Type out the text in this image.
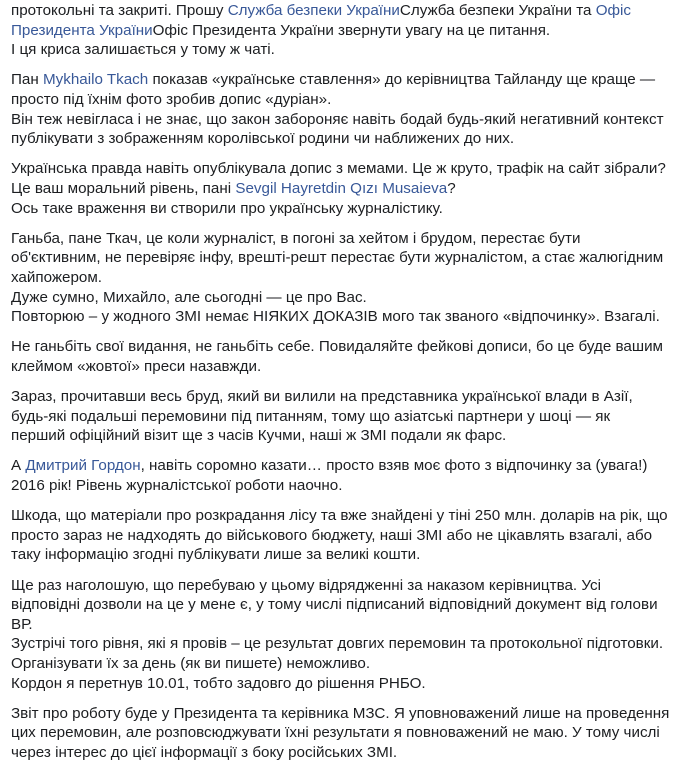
протокольні та закриті. Прошу Служба безпеки УкраїниСлужба безпеки України та Офіс
Президента УкраїниОфіс Президента України звернути увагу на це питання.
І ця криса залишається у тому ж чаті.
Пан Mykhailo Tkach показав «українське ставлення» до керівництва Тайланду ще краще —
просто під їхнім фото зробив допис «дуріан».
Він теж невігласа і не знає, що закон забороняє навіть бодай будь-який негативний контекст
публікувати з зображенням королівської родини чи наближених до них.
Українська правда навіть опублікувала допис з мемами. Це ж круто, трафік на сайт зібрали?
Це ваш моральний рівень, пані Sevgil Hayretdin Qızı Musaieva?
Ось таке враження ви створили про українську журналістику.
Ганьба, пане Ткач, це коли журналіст, в погоні за хейтом і брудом, перестає бути
об'єктивним, не перевіряє інфу, врешті-решт перестає бути журналістом, а стає жалюгідним
хайпожером.
Дуже сумно, Михайло, але сьогодні — це про Вас.
Повторюю – у жодного ЗМІ немає НІЯКИХ ДОКАЗІВ мого так званого «відпочинку». Взагалі.
Не ганьбіть свої видання, не ганьбіть себе. Повидаляйте фейкові дописи, бо це буде вашим
клеймом «жовтої» преси назавжди.
Зараз, прочитавши весь бруд, який ви вилили на представника української влади в Азії,
будь-які подальші перемовини під питанням, тому що азіатські партнери у шоці — як
перший офіційний візит ще з часів Кучми, наші ж ЗМІ подали як фарс.
А Дмитрий Гордон, навіть соромно казати… просто взяв моє фото з відпочинку за (увага!)
2016 рік! Рівень журналістської роботи наочно.
Шкода, що матеріали про розкрадання лісу та вже знайдені у тіні 250 млн. доларів на рік, що
просто зараз не надходять до військового бюджету, наші ЗМІ або не цікавлять взагалі, або
таку інформацію згодні публікувати лише за великі кошти.
Ще раз наголошую, що перебуваю у цьому відрядженні за наказом керівництва. Усі
відповідні дозволи на це у мене є, у тому числі підписаний відповідний документ від голови
ВР.
Зустрічі того рівня, які я провів – це результат довгих перемовин та протокольної підготовки.
Організувати їх за день (як ви пишете) неможливо.
Кордон я перетнув 10.01, тобто задовго до рішення РНБО.
Звіт про роботу буде у Президента та керівника МЗС. Я уповноважений лише на проведення
цих перемовин, але розповсюджувати їхні результати я повноважений не маю. У тому числі
через інтерес до цієї інформації з боку російських ЗМІ.
